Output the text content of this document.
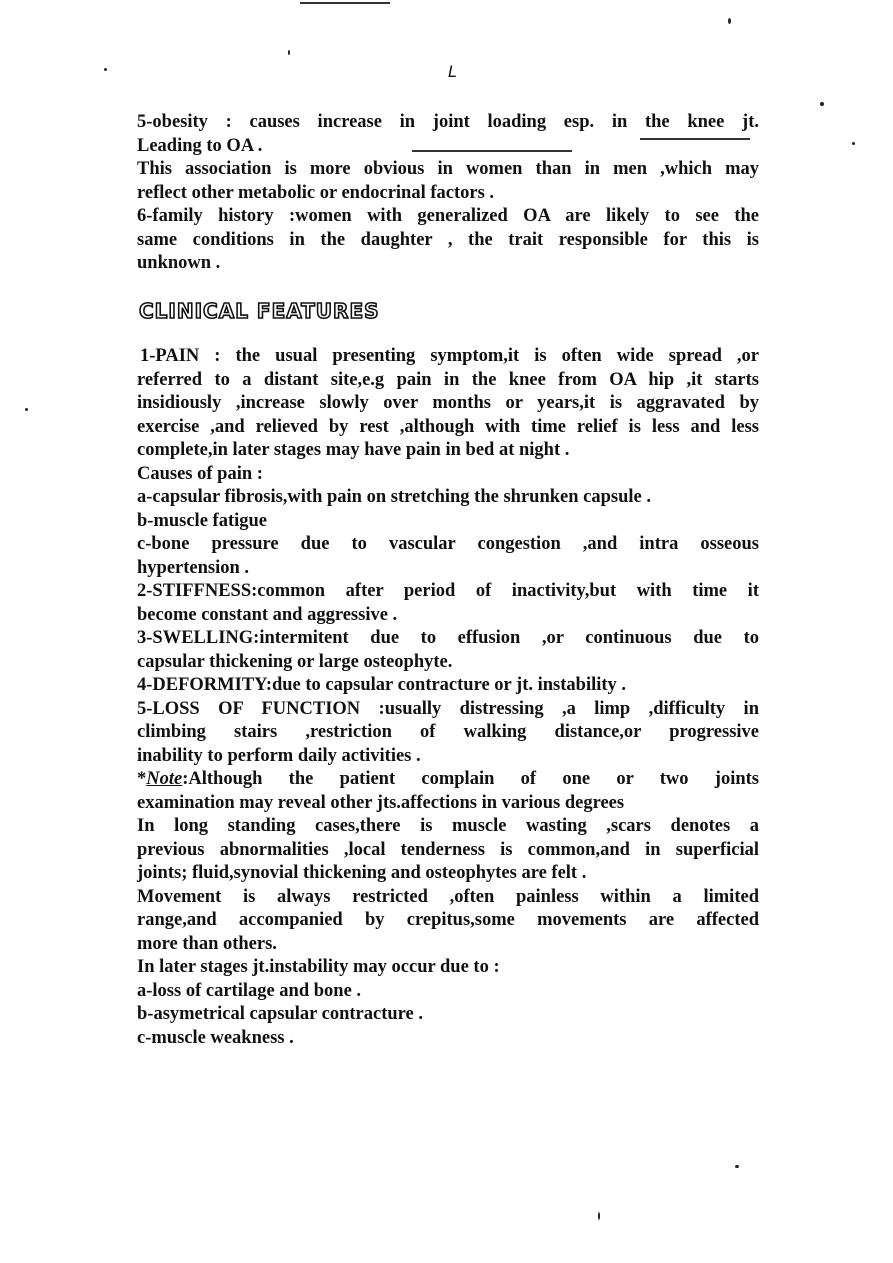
L

5-obesity : causes increase in joint loading esp. in the knee jt.

Leading to OA .

This association is more obvious in women than in men ,which may

reflect other metabolic or endocrinal factors .

6-family history :women with generalized OA are likely to see the

same conditions in the daughter , the trait responsible for this is

unknown .

CLINICAL FEATURES

1-PAIN : the usual presenting symptom,it is often wide spread ,or

referred to a distant site,e.g pain in the knee from OA hip ,it starts

insidiously ,increase slowly over months or years,it is aggravated by

exercise ,and relieved by rest ,although with time relief is less and less

complete,in later stages may have pain in bed at night .

Causes of pain :

a-capsular fibrosis,with pain on stretching the shrunken capsule .

b-muscle fatigue

c-bone pressure due to vascular congestion ,and intra osseous

hypertension .

2-STIFFNESS:common after period of inactivity,but with time it

become constant and aggressive .

3-SWELLING:intermitent due to effusion ,or continuous due to

capsular thickening or large osteophyte.

4-DEFORMITY:due to capsular contracture or jt. instability .

5-LOSS OF FUNCTION :usually distressing ,a limp ,difficulty in

climbing stairs ,restriction of walking distance,or progressive

inability to perform daily activities .

*Note:Although the patient complain of one or two joints

examination may reveal other jts.affections in various degrees

In long standing cases,there is muscle wasting ,scars denotes a

previous abnormalities ,local tenderness is common,and in superficial

joints; fluid,synovial thickening and osteophytes are felt .

Movement is always restricted ,often painless within a limited

range,and accompanied by crepitus,some movements are affected

more than others.

In later stages jt.instability may occur due to :

a-loss of cartilage and bone .

b-asymetrical capsular contracture .

c-muscle weakness .
